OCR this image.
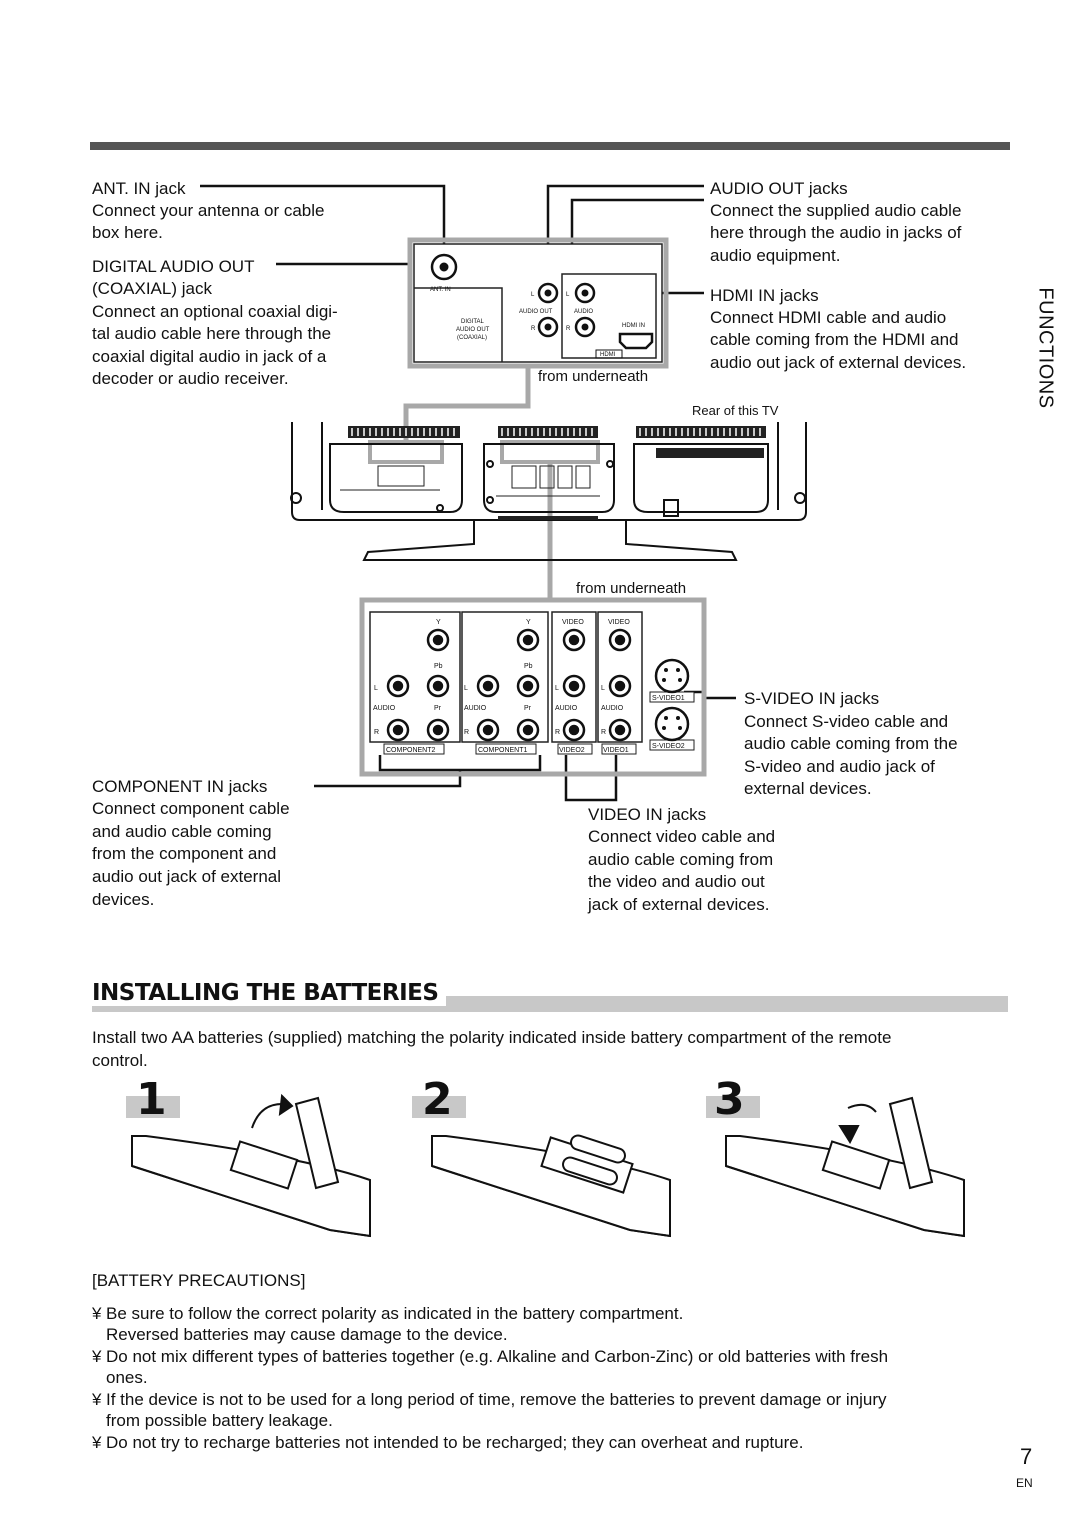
FUNCTIONS
ANT. IN
DIGITAL
AUDIO OUT
(COAXIAL)
AUDIO OUT	AUDIO
HDMI IN
HDMI
L
R
L
R
Y	Y	VIDEO	VIDEO
Pb	Pb
Pr	Pr
AUDIO	AUDIO	AUDIO	AUDIO
L	L	L	L
R	R	R	R
COMPONENT2	COMPONENT1	VIDEO2	VIDEO1
S-VIDEO1
S-VIDEO2
ANT. IN jack
Connect your antenna or cable
box here.
DIGITAL AUDIO OUT
(COAXIAL) jack
Connect an optional coaxial digi-
tal audio cable here through the
coaxial digital audio in jack of a
decoder or audio receiver.
AUDIO OUT jacks
Connect the supplied audio cable
here through the audio in jacks of
audio equipment.
HDMI IN jacks
Connect HDMI cable and audio
cable coming from the HDMI and
audio out jack of external devices.
from underneath
Rear of this TV
from underneath
S-VIDEO IN jacks
Connect S-video cable and
audio cable coming from the
S-video and audio jack of
external devices.
COMPONENT IN jacks
Connect component cable
and audio cable coming
from the component and
audio out jack of external
devices.
VIDEO IN jacks
Connect video cable and
audio cable coming from
the video and audio out
jack of external devices.
INSTALLING THE BATTERIES
Install two AA batteries (supplied) matching the polarity indicated inside battery compartment of the remote
control.
1	2	3
[BATTERY PRECAUTIONS]
¥ Be sure to follow the correct polarity as indicated in the battery compartment.
Reversed batteries may cause damage to the device.
¥ Do not mix different types of batteries together (e.g. Alkaline and Carbon-Zinc) or old batteries with fresh
ones.
¥ If the device is not to be used for a long period of time, remove the batteries to prevent damage or injury
from possible battery leakage.
¥ Do not try to recharge batteries not intended to be recharged; they can overheat and rupture.
7
EN
